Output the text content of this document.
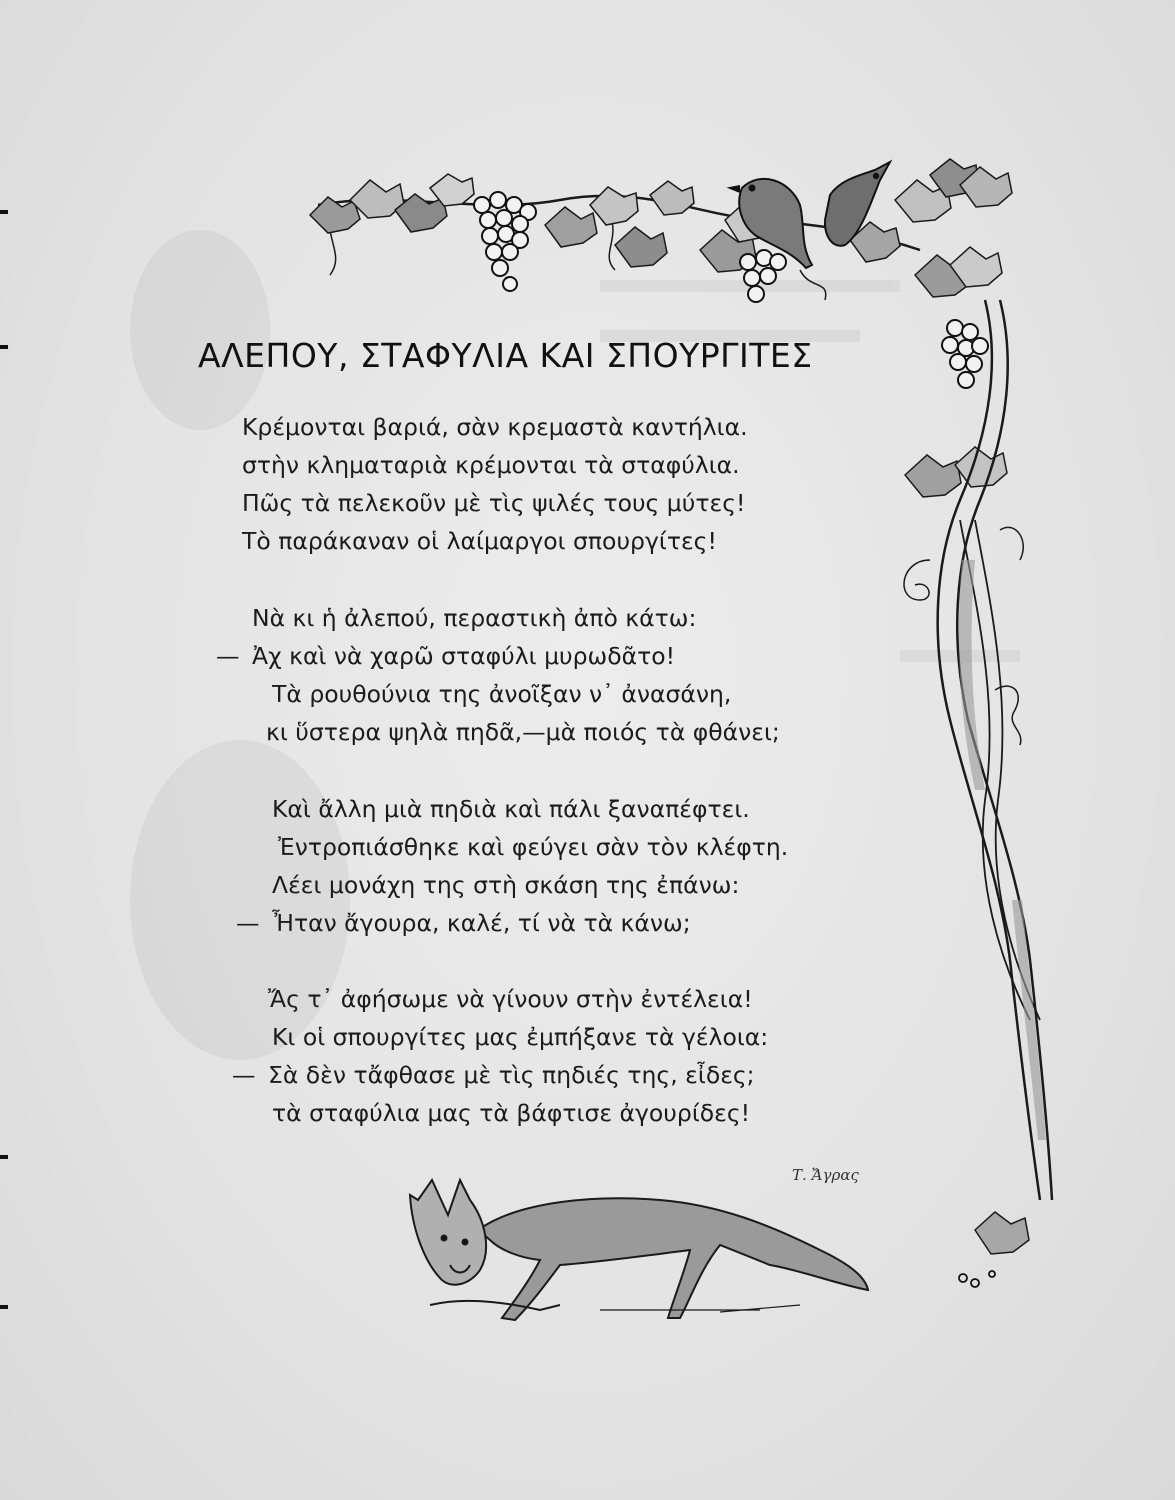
ΑΛΕΠΟΥ, ΣΤΑΦΥΛΙΑ ΚΑΙ ΣΠΟΥΡΓΙΤΕΣ
Κρέμονται βαριά, σὰν κρεμαστὰ καντήλια.
στὴν κληματαριὰ κρέμονται τὰ σταφύλια.
Πῶς τὰ πελεκοῦν μὲ τὶς ψιλές τους μύτες!
Τὸ παράκαναν οἱ λαίμαργοι σπουργίτες!
Νὰ κι ἡ ἀλεπού, περαστικὴ ἀπὸ κάτω:
— Ἀχ καὶ νὰ χαρῶ σταφύλι μυρωδᾶτο!
Τὰ ρουθούνια της ἀνοῖξαν ν᾽ ἀνασάνη,
κι ὕστερα ψηλὰ πηδᾶ,—μὰ ποιός τὰ φθάνει;
Καὶ ἄλλη μιὰ πηδιὰ καὶ πάλι ξαναπέφτει.
Ἐντροπιάσθηκε καὶ φεύγει σὰν τὸν κλέφτη.
Λέει μονάχη της στὴ σκάση της ἐπάνω:
— Ἦταν ἄγουρα, καλέ, τί νὰ τὰ κάνω;
Ἄς τ᾽ ἀφήσωμε νὰ γίνουν στὴν ἐντέλεια!
Κι οἱ σπουργίτες μας ἐμπήξανε τὰ γέλοια:
— Σὰ δὲν τἄφθασε μὲ τὶς πηδιές της, εἶδες;
τὰ σταφύλια μας τὰ βάφτισε ἀγουρίδες!
Τ. Ἄγρας
